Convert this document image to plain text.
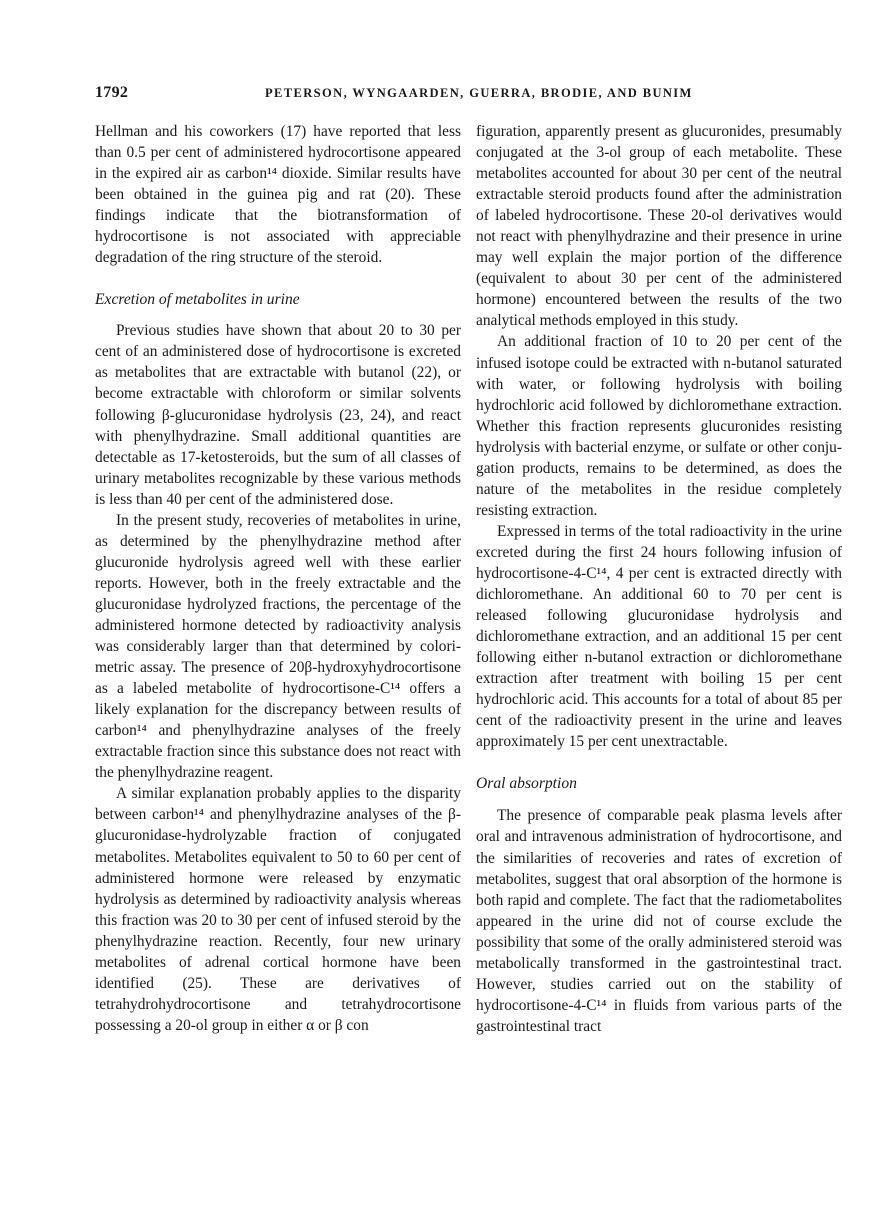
1792	PETERSON, WYNGAARDEN, GUERRA, BRODIE, AND BUNIM

Hellman and his coworkers (17) have reported that less than 0.5 per cent of administered hydrocortisone appeared in the expired air as carbon¹⁴ dioxide. Similar results have been obtained in the guinea pig and rat (20). These findings indicate that the biotransformation of hydrocortisone is not associated with appreciable degradation of the ring structure of the steroid.

Excretion of metabolites in urine

Previous studies have shown that about 20 to 30 per cent of an administered dose of hydrocortisone is excreted as metabolites that are extractable with butanol (22), or become extractable with chloroform or similar solvents following β-glucuronidase hydrolysis (23, 24), and react with phenylhydrazine. Small additional quantities are detectable as 17-ketosteroids, but the sum of all classes of urinary metabolites recognizable by these various methods is less than 40 per cent of the administered dose.

In the present study, recoveries of metabolites in urine, as determined by the phenylhydrazine method after glucuronide hydrolysis agreed well with these earlier reports. However, both in the freely extractable and the glucuronidase hydrolyzed fractions, the percentage of the administered hormone detected by radioactivity analysis was considerably larger than that determined by colorimetric assay. The presence of 20β-hydroxyhydrocortisone as a labeled metabolite of hydrocortisone-C¹⁴ offers a likely explanation for the discrepancy between results of carbon¹⁴ and phenylhydrazine analyses of the freely extractable fraction since this substance does not react with the phenylhydrazine reagent.

A similar explanation probably applies to the disparity between carbon¹⁴ and phenylhydrazine analyses of the β-glucuronidase-hydrolyzable fraction of conjugated metabolites. Metabolites equivalent to 50 to 60 per cent of administered hormone were released by enzymatic hydrolysis as determined by radioactivity analysis whereas this fraction was 20 to 30 per cent of infused steroid by the phenylhydrazine reaction. Recently, four new urinary metabolites of adrenal cortical hormone have been identified (25). These are derivatives of tetrahydrohydrocortisone and tetrahydrocortisone possessing a 20-ol group in either α or β con

figuration, apparently present as glucuronides, presumably conjugated at the 3-ol group of each metabolite. These metabolites accounted for about 30 per cent of the neutral extractable steroid products found after the administration of labeled hydrocortisone. These 20-ol derivatives would not react with phenylhydrazine and their presence in urine may well explain the major portion of the difference (equivalent to about 30 per cent of the administered hormone) encountered between the results of the two analytical methods employed in this study.

An additional fraction of 10 to 20 per cent of the infused isotope could be extracted with n-butanol saturated with water, or following hydrolysis with boiling hydrochloric acid followed by dichloromethane extraction. Whether this fraction represents glucuronides resisting hydrolysis with bacterial enzyme, or sulfate or other conjugation products, remains to be determined, as does the nature of the metabolites in the residue completely resisting extraction.

Expressed in terms of the total radioactivity in the urine excreted during the first 24 hours following infusion of hydrocortisone-4-C¹⁴, 4 per cent is extracted directly with dichloromethane. An additional 60 to 70 per cent is released following glucuronidase hydrolysis and dichloromethane extraction, and an additional 15 per cent following either n-butanol extraction or dichloromethane extraction after treatment with boiling 15 per cent hydrochloric acid. This accounts for a total of about 85 per cent of the radioactivity present in the urine and leaves approximately 15 per cent unextractable.

Oral absorption

The presence of comparable peak plasma levels after oral and intravenous administration of hydrocortisone, and the similarities of recoveries and rates of excretion of metabolites, suggest that oral absorption of the hormone is both rapid and complete. The fact that the radiometabolites appeared in the urine did not of course exclude the possibility that some of the orally administered steroid was metabolically transformed in the gastrointestinal tract. However, studies carried out on the stability of hydrocortisone-4-C¹⁴ in fluids from various parts of the gastrointestinal tract
